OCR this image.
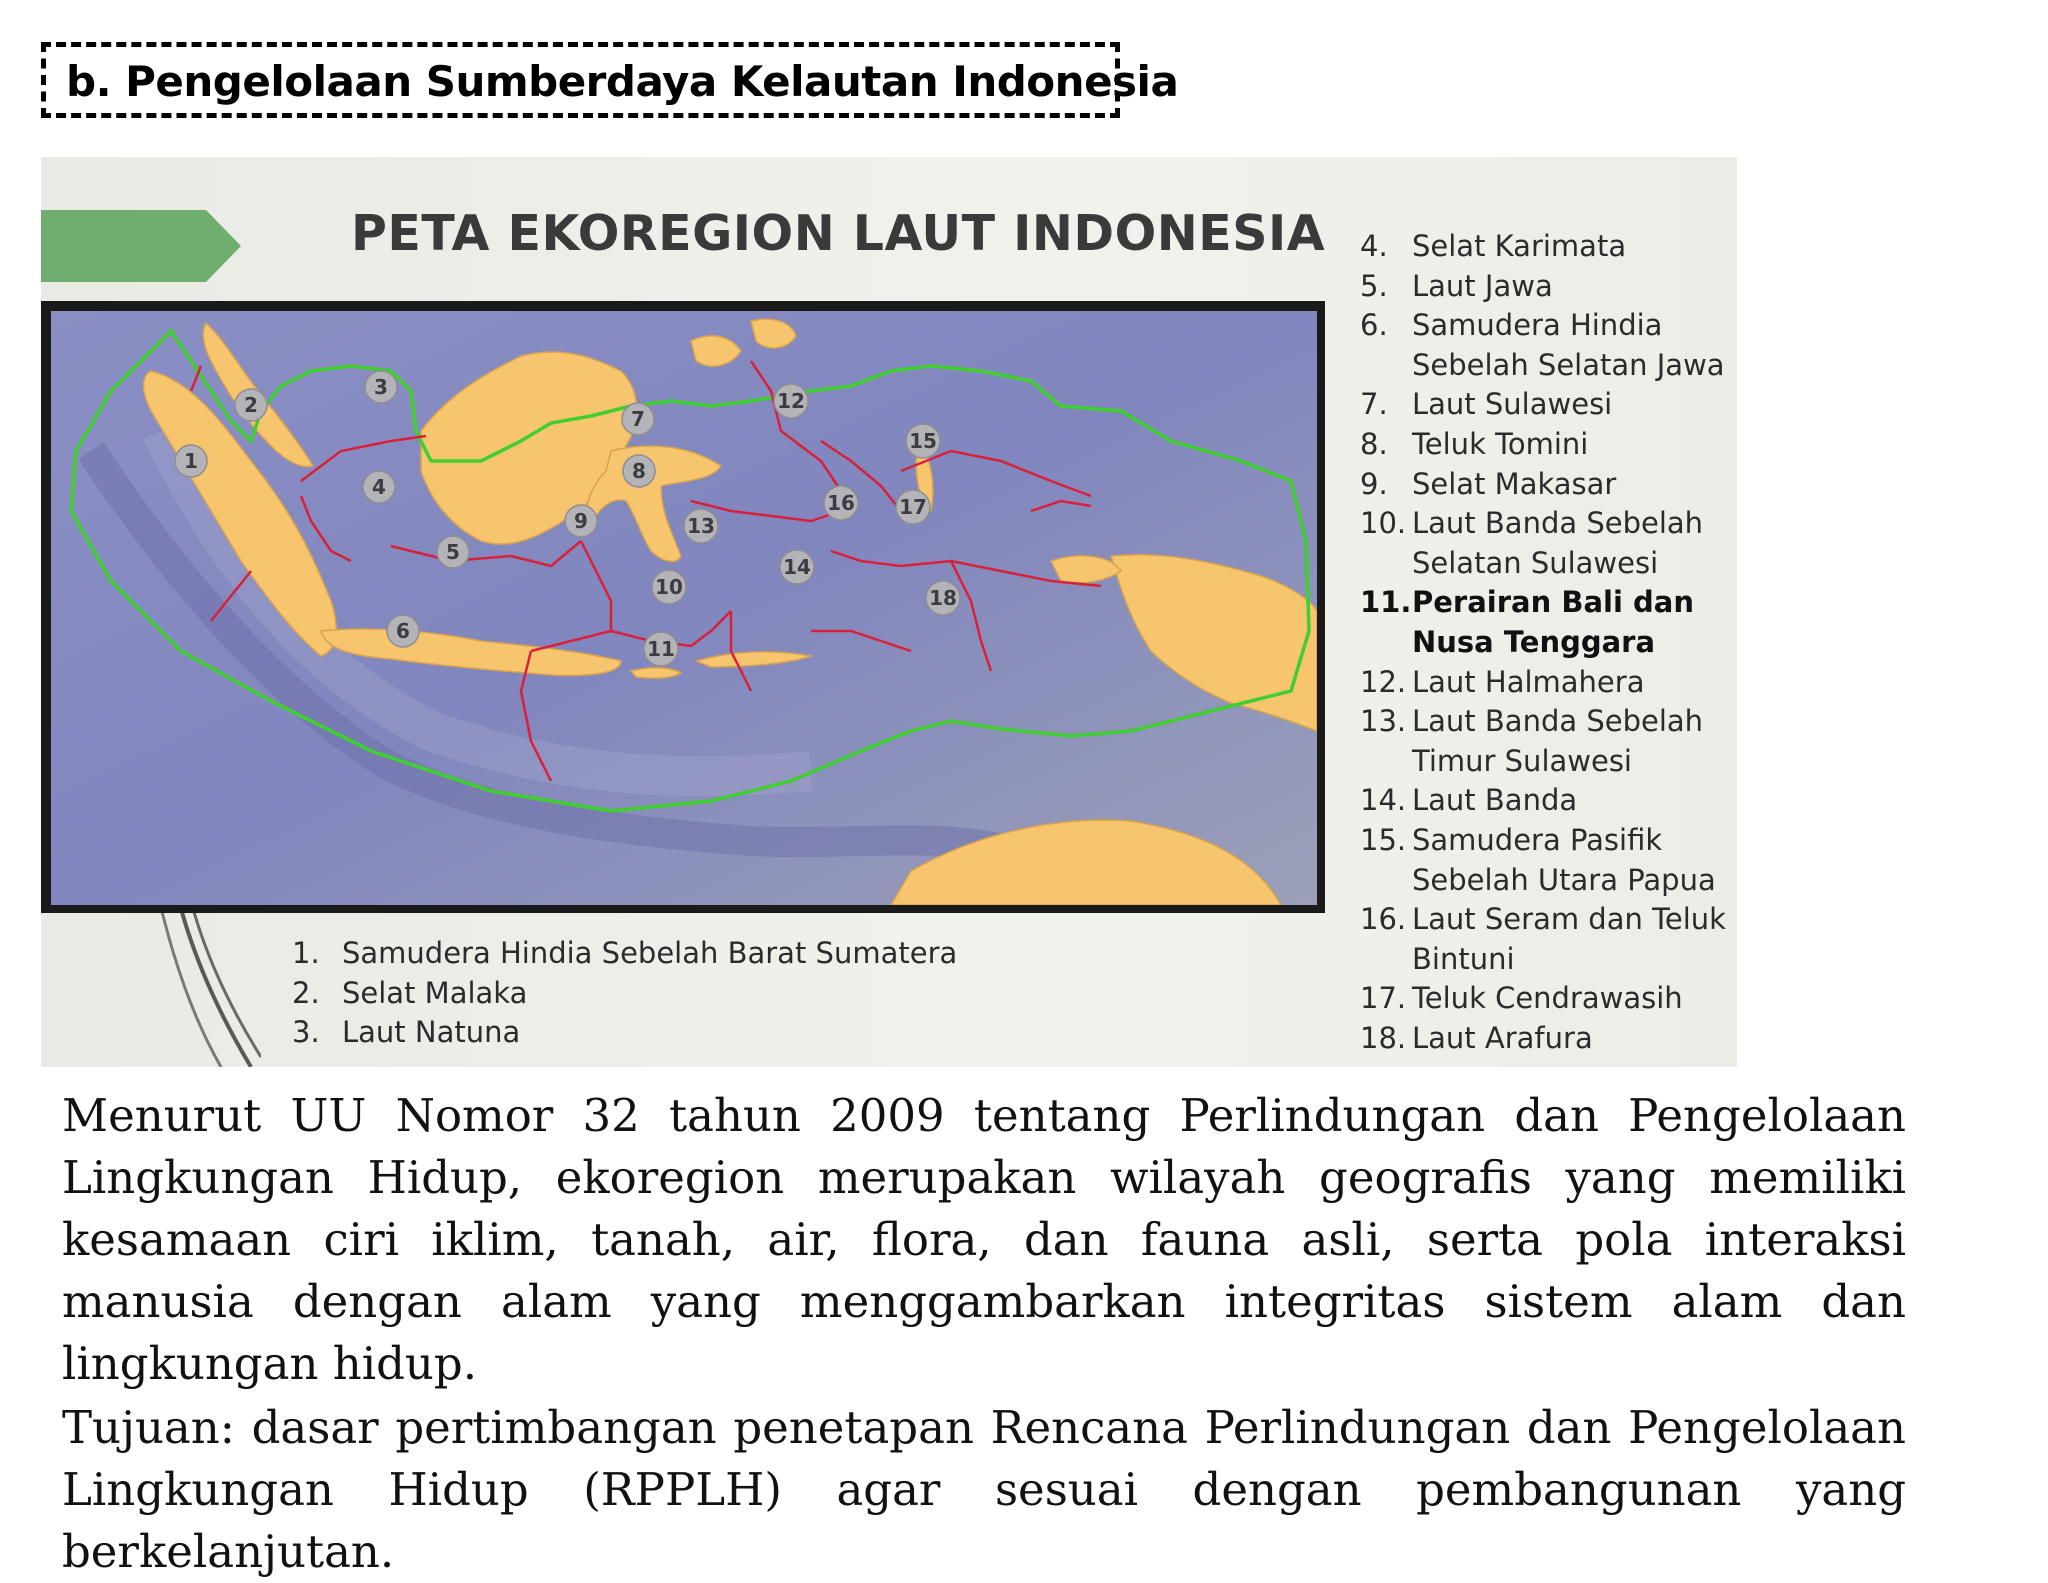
b. Pengelolaan Sumberdaya Kelautan Indonesia
PETA EKOREGION LAUT INDONESIA
1
2
3
4
5
6
7
8
9
10
11
12
13
14
15
16 17
18
4. Selat Karimata
5. Laut Jawa
6. Samudera Hindia
Sebelah Selatan Jawa
7. Laut Sulawesi
8. Teluk Tomini
9. Selat Makasar
10. Laut Banda Sebelah
Selatan Sulawesi
11. Perairan Bali dan
Nusa Tenggara
12. Laut Halmahera
13. Laut Banda Sebelah
Timur Sulawesi
14. Laut Banda
15. Samudera Pasifik
Sebelah Utara Papua
16. Laut Seram dan Teluk
Bintuni
17. Teluk Cendrawasih
18. Laut Arafura
1. Samudera Hindia Sebelah Barat Sumatera
2. Selat Malaka
3. Laut Natuna
Menurut UU Nomor 32 tahun 2009 tentang Perlindungan dan Pengelolaan Lingkungan Hidup, ekoregion merupakan wilayah geografis yang memiliki kesamaan ciri iklim, tanah, air, flora, dan fauna asli, serta pola interaksi manusia dengan alam yang menggambarkan integritas sistem alam dan lingkungan hidup.
Tujuan: dasar pertimbangan penetapan Rencana Perlindungan dan Pengelolaan Lingkungan Hidup (RPPLH) agar sesuai dengan pembangunan yang berkelanjutan.
